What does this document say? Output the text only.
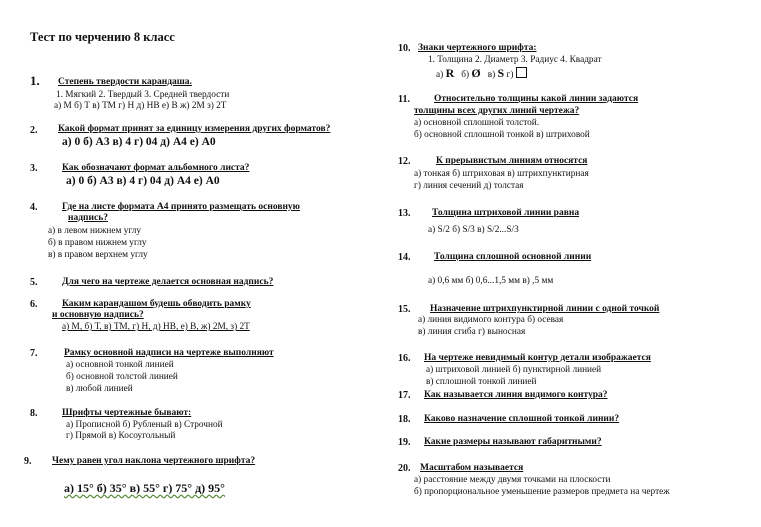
Тест по черчению 8 класс
1. Степень твердости карандаша.
1. Мягкий 2. Твердый 3. Средней твердости
а) М б) Т в) ТМ г) Н д) НВ е) В ж) 2М з) 2Т
2. Какой формат принят за единицу измерения других форматов?
а) 0 б) А3 в) 4 г) 04 д) А4 е) А0
3.	Как обозначают формат альбомного листа?
а) 0 б) А3 в) 4 г) 04 д) А4 е) А0
4.	Где на листе формата А4 принято размещать основную
надпись?
а) в левом нижнем углу
б) в правом нижнем углу
в) в правом верхнем углу
5.	Для чего на чертеже делается основная надпись?
6.	Каким карандашом будешь обводить рамку
и основную надпись?
а) М, б) Т, в) ТМ, г) Н, д) НВ, е) В, ж) 2М, з) 2Т
7.	Рамку основной надписи на чертеже выполняют
а) основной тонкой линией
б) основной толстой линией
в) любой линией
8.	Шрифты чертежные бывают:
а) Прописной б) Рубленый в) Строчной
г) Прямой в) Косоугольный
9. Чему равен угол наклона чертежного шрифта?
а) 15° б) 35° в) 55° г) 75° д) 95°
10. Знаки чертежного шрифта:
1. Толщина 2. Диаметр 3. Радиус 4. Квадрат
а) R б) Ø в) S г)
11.	Относительно толщины какой линии задаются
толщины всех других линий чертежа?
а) основной сплошной толстой.
б) основной сплошной тонкой в) штриховой
12.	К прерывистым линиям относятся
а) тонкая б) штриховая в) штрихпунктирная
г) линия сечений д) толстая
13. Толщина штриховой линии равна
а) S/2 б) S/3 в) S/2...S/3
14. Толщина сплошной основной линии
а) 0,6 мм б) 0,6...1,5 мм в) ,5 мм
15. Назначение штрихпунктирной линии с одной точкой
а) линия видимого контура б) осевая
в) линия сгиба г) выносная
16. На чертеже невидимый контур детали изображается
а) штриховой линией б) пунктирной линией
в) сплошной тонкой линией
17. Как называется линия видимого контура?
18. Каково назначение сплошной тонкой линии?
19. Какие размеры называют габаритными?
20. Масштабом называется
а) расстояние между двумя точками на плоскости
б) пропорциональное уменьшение размеров предмета на чертеж
